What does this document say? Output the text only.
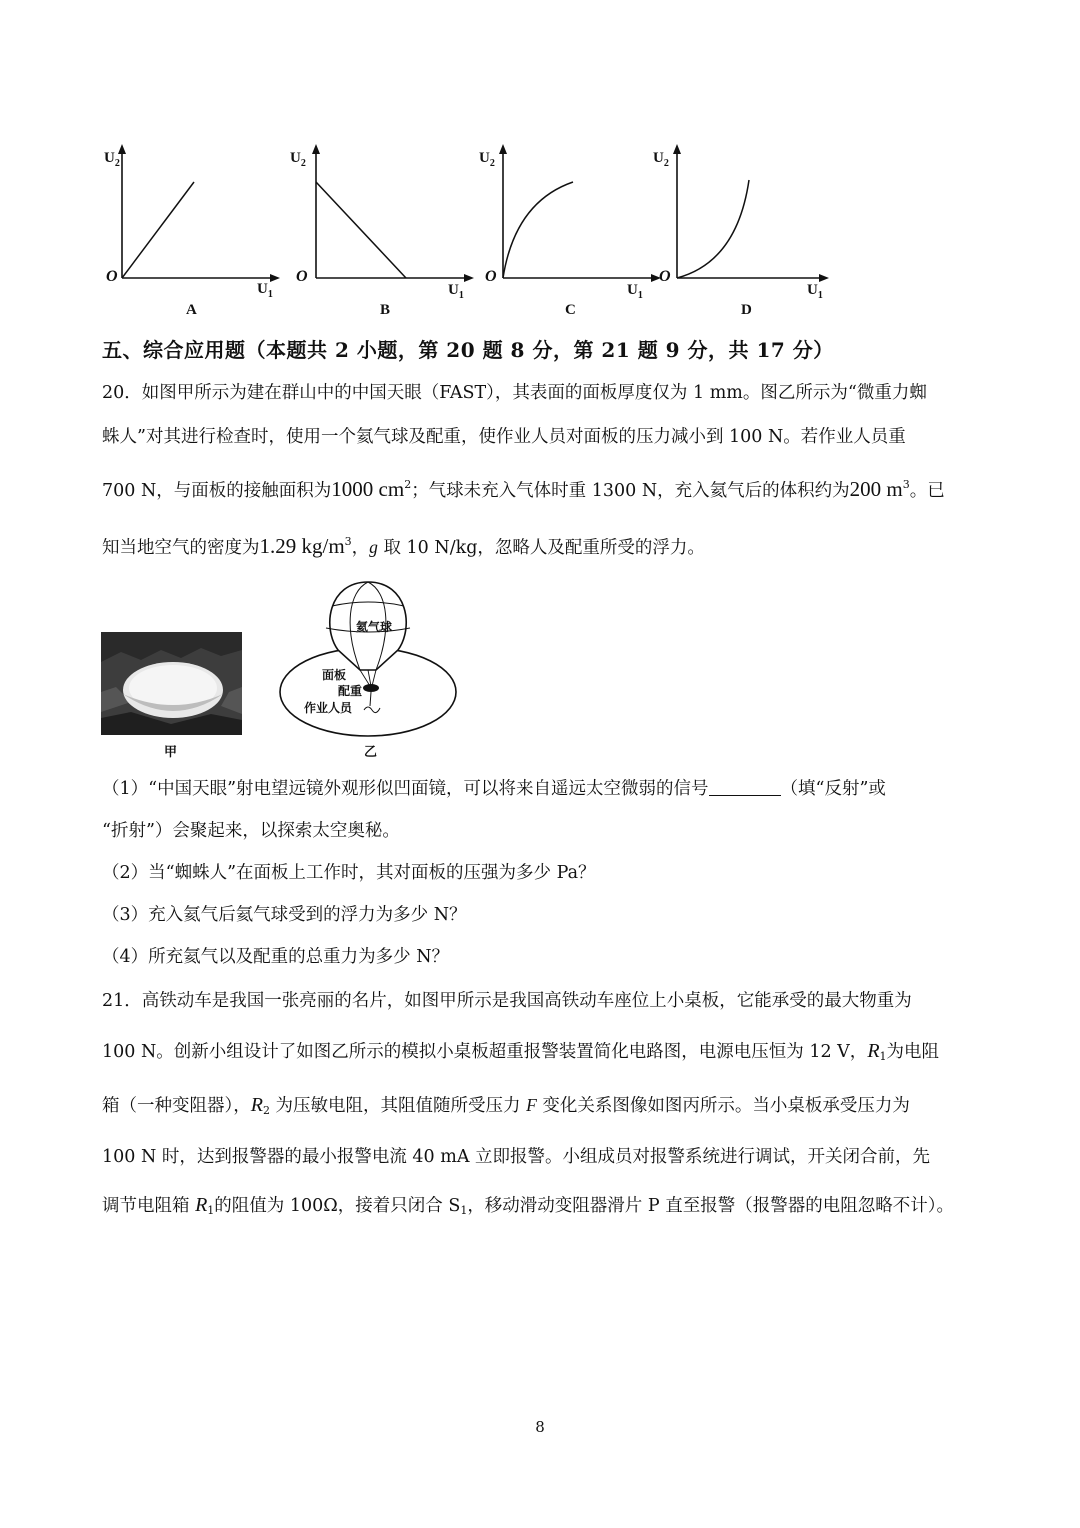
$U_2$
O
$U_1$
A
$U_2$
O
$U_1$
B
$U_2$
O
$U_1$
C
$U_2$
O
$U_1$
D
五、综合应用题（本题共 2 小题，第 20 题 8 分，第 21 题 9 分，共 17 分）
20．如图甲所示为建在群山中的中国天眼（FAST），其表面的面板厚度仅为 1 mm。图乙所示为“微重力蜘
蛛人”对其进行检查时，使用一个氦气球及配重，使作业人员对面板的压力减小到 100 N。若作业人员重
700 N，与面板的接触面积为1000 $cm^2$；气球未充入气体时重 1300 N，充入氦气后的体积约为200 $m^3$。已
知当地空气的密度为1.29 $kg/m^3$，g 取 10 N/kg，忽略人及配重所受的浮力。
甲
氦气球
面板
配重
作业人员
乙
（1）“中国天眼”射电望远镜外观形似凹面镜，可以将来自遥远太空微弱的信号	（填“反射”或
“折射”）会聚起来，以探索太空奥秘。
（2）当“蜘蛛人”在面板上工作时，其对面板的压强为多少 Pa？
（3）充入氦气后氦气球受到的浮力为多少 N？
（4）所充氦气以及配重的总重力为多少 N？
21．高铁动车是我国一张亮丽的名片，如图甲所示是我国高铁动车座位上小桌板，它能承受的最大物重为
100 N。创新小组设计了如图乙所示的模拟小桌板超重报警装置简化电路图，电源电压恒为 12 V，R1为电阻
箱（一种变阻器），R2 为压敏电阻，其阻值随所受压力 F 变化关系图像如图丙所示。当小桌板承受压力为
100 N 时，达到报警器的最小报警电流 40 mA 立即报警。小组成员对报警系统进行调试，开关闭合前，先
调节电阻箱 R1的阻值为 100Ω，接着只闭合 S1，移动滑动变阻器滑片 P 直至报警（报警器的电阻忽略不计）。
8
